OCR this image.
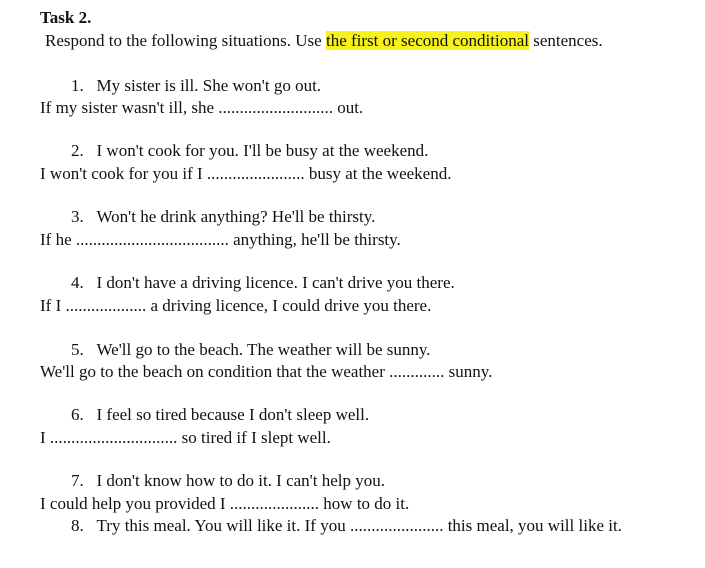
Task 2.
Respond to the following situations. Use the first or second conditional sentences.
1. My sister is ill. She won't go out.
If my sister wasn't ill, she ........................... out.
2. I won't cook for you. I'll be busy at the weekend.
I won't cook for you if I ....................... busy at the weekend.
3. Won't he drink anything? He'll be thirsty.
If he .................................... anything, he'll be thirsty.
4. I don't have a driving licence. I can't drive you there.
If I ................... a driving licence, I could drive you there.
5. We'll go to the beach. The weather will be sunny.
We'll go to the beach on condition that the weather ............. sunny.
6. I feel so tired because I don't sleep well.
I .............................. so tired if I slept well.
7. I don't know how to do it. I can't help you.
I could help you provided I ..................... how to do it.
8. Try this meal. You will like it. If you ...................... this meal, you will like it.
